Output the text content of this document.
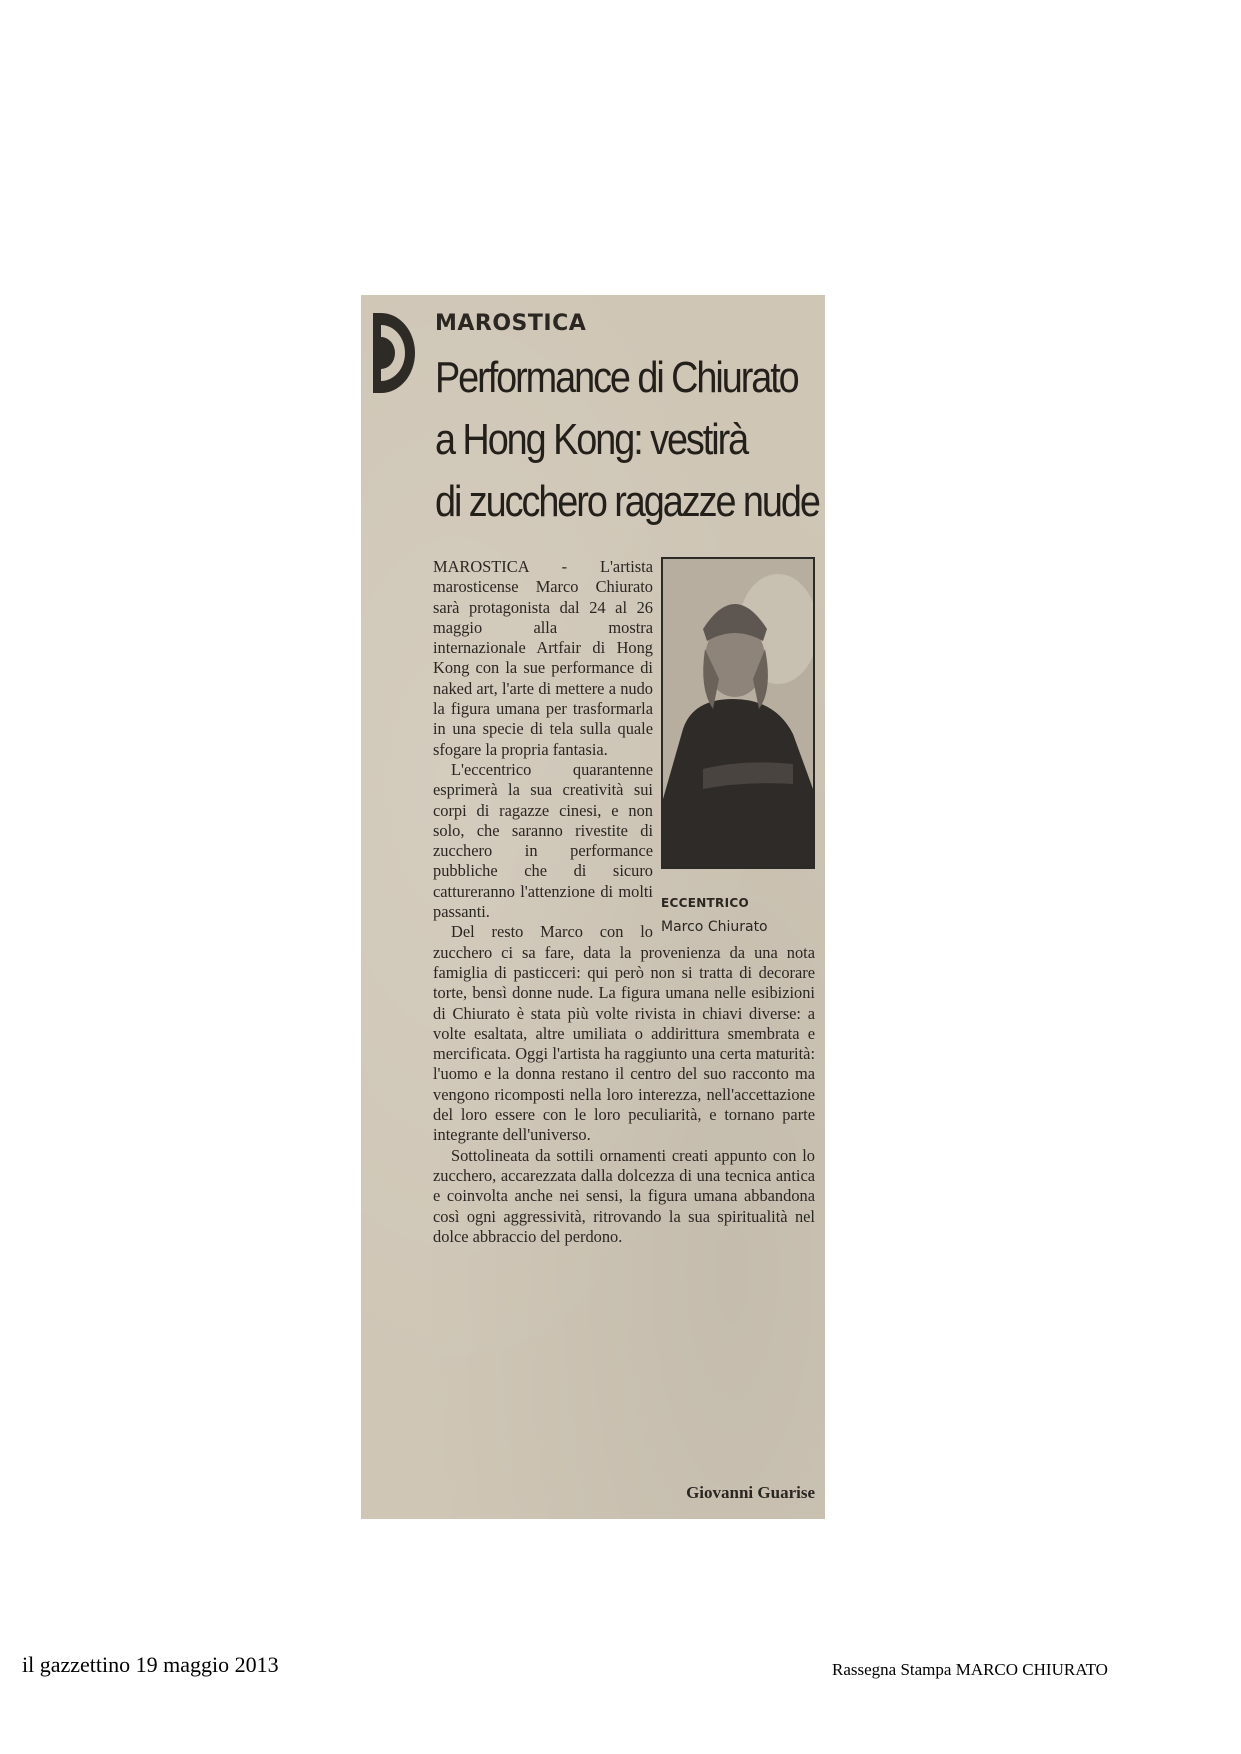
MAROSTICA
Performance di Chiurato
a Hong Kong: vestirà
di zucchero ragazze nude
ECCENTRICO
Marco Chiurato

MAROSTICA - L'artista marosticense Marco Chiurato sarà protagonista dal 24 al 26 maggio alla mostra internazionale Artfair di Hong Kong con la sue performance di naked art, l'arte di mettere a nudo la figura umana per trasformarla in una specie di tela sulla quale sfogare la propria fantasia.

L'eccentrico quarantenne esprimerà la sua creatività sui corpi di ragazze cinesi, e non solo, che saranno rivestite di zucchero in performance pubbliche che di sicuro cattureranno l'attenzione di molti passanti.

Del resto Marco con lo zucchero ci sa fare, data la provenienza da una nota famiglia di pasticceri: qui però non si tratta di decorare torte, bensì donne nude. La figura umana nelle esibizioni di Chiurato è stata più volte rivista in chiavi diverse: a volte esaltata, altre umiliata o addirittura smembrata e mercificata. Oggi l'artista ha raggiunto una certa maturità: l'uomo e la donna restano il centro del suo racconto ma vengono ricomposti nella loro interezza, nell'accettazione del loro essere con le loro peculiarità, e tornano parte integrante dell'universo.

Sottolineata da sottili ornamenti creati appunto con lo zucchero, accarezzata dalla dolcezza di una tecnica antica e coinvolta anche nei sensi, la figura umana abbandona così ogni aggressività, ritrovando la sua spiritualità nel dolce abbraccio del perdono.

Giovanni Guarise
il gazzettino 19 maggio 2013	Rassegna Stampa MARCO CHIURATO
